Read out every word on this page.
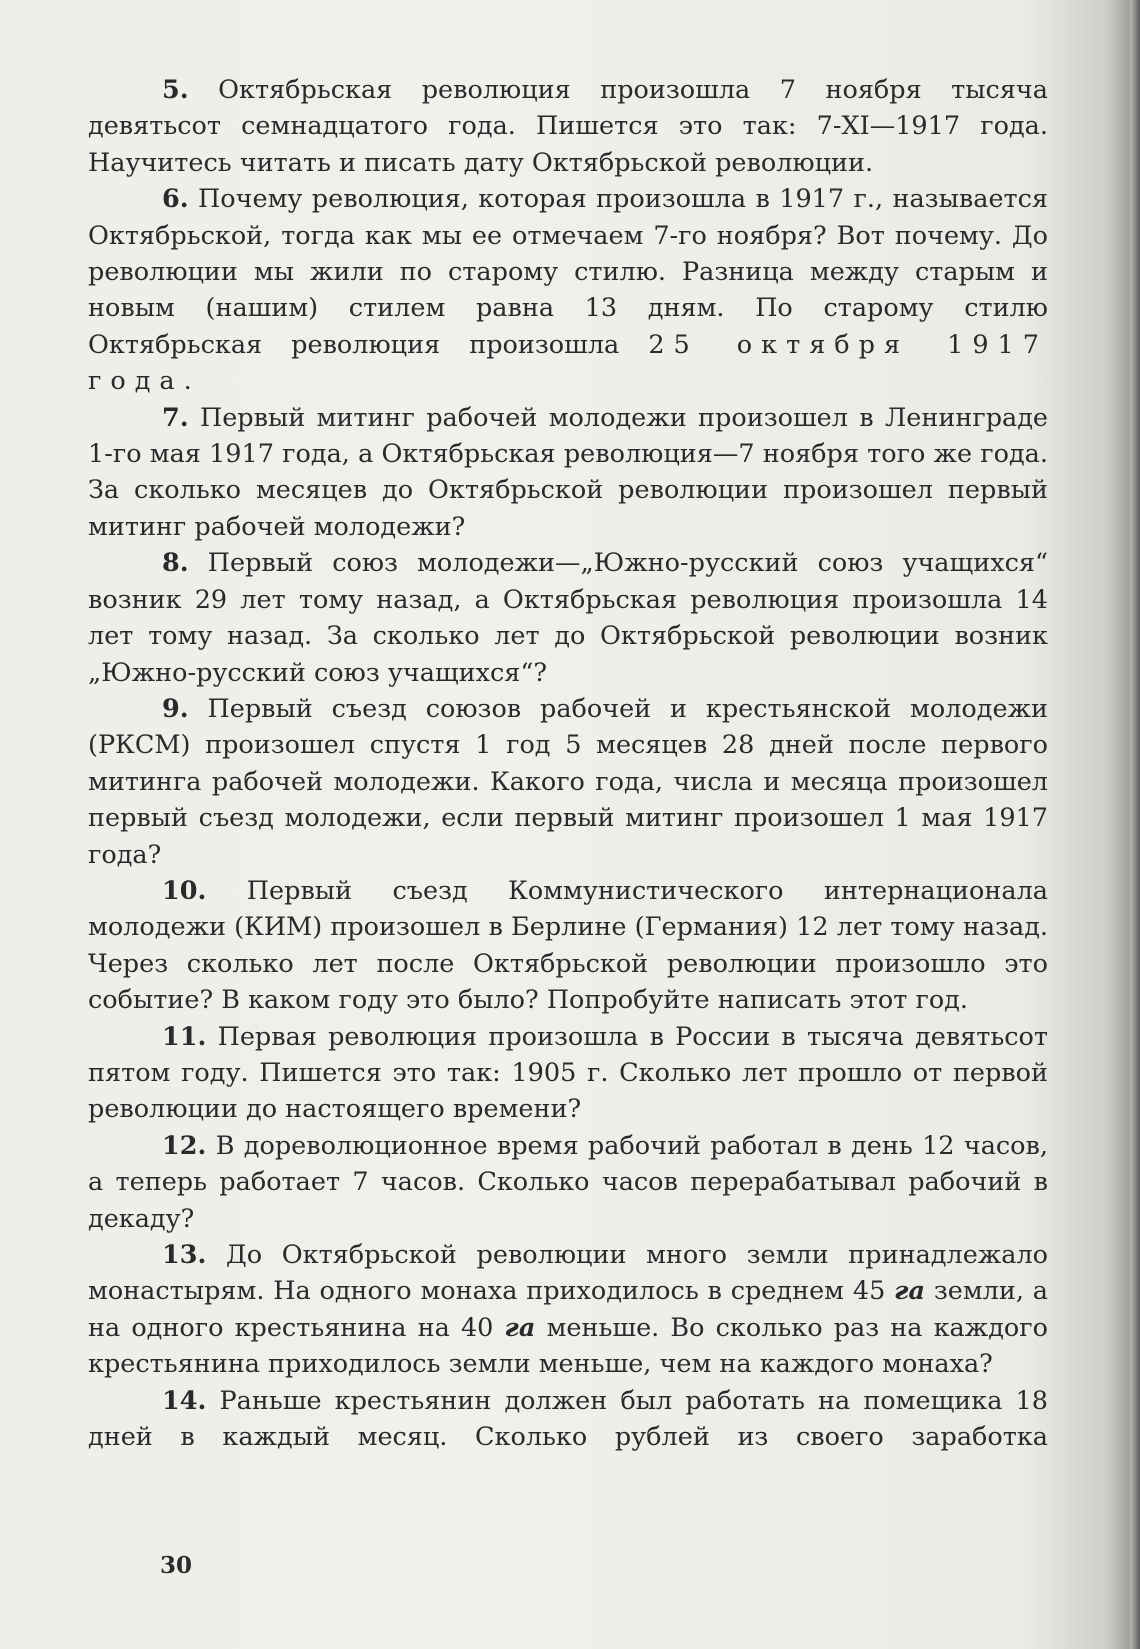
5. Октябрьская революция произошла 7 ноября тысяча девятьсот семнадцатого года. Пишется это так: 7-XI—1917 года. Научитесь читать и писать дату Октябрьской революции.

6. Почему революция, которая произошла в 1917 г., называется Октябрьской, тогда как мы ее отмечаем 7-го ноября? Вот почему. До революции мы жили по старому стилю. Разница между старым и новым (нашим) стилем равна 13 дням. По старому стилю Октябрьская революция произошла 25 октября 1917 года.

7. Первый митинг рабочей молодежи произошел в Ленинграде 1-го мая 1917 года, а Октябрьская революция—7 ноября того же года. За сколько месяцев до Октябрьской революции произошел первый митинг рабочей молодежи?

8. Первый союз молодежи—„Южно-русский союз учащихся“ возник 29 лет тому назад, а Октябрьская революция произошла 14 лет тому назад. За сколько лет до Октябрьской революции возник „Южно-русский союз учащихся“?

9. Первый съезд союзов рабочей и крестьянской молодежи (РКСМ) произошел спустя 1 год 5 месяцев 28 дней после первого митинга рабочей молодежи. Какого года, числа и месяца произошел первый съезд молодежи, если первый митинг произошел 1 мая 1917 года?

10. Первый съезд Коммунистического интернационала молодежи (КИМ) произошел в Берлине (Германия) 12 лет тому назад. Через сколько лет после Октябрьской революции произошло это событие? В каком году это было? Попробуйте написать этот год.

11. Первая революция произошла в России в тысяча девятьсот пятом году. Пишется это так: 1905 г. Сколько лет прошло от первой революции до настоящего времени?

12. В дореволюционное время рабочий работал в день 12 часов, а теперь работает 7 часов. Сколько часов перерабатывал рабочий в декаду?

13. До Октябрьской революции много земли принадлежало монастырям. На одного монаха приходилось в среднем 45 га земли, а на одного крестьянина на 40 га меньше. Во сколько раз на каждого крестьянина приходилось земли меньше, чем на каждого монаха?

14. Раньше крестьянин должен был работать на помещика 18 дней в каждый месяц. Сколько рублей из своего заработка

30
